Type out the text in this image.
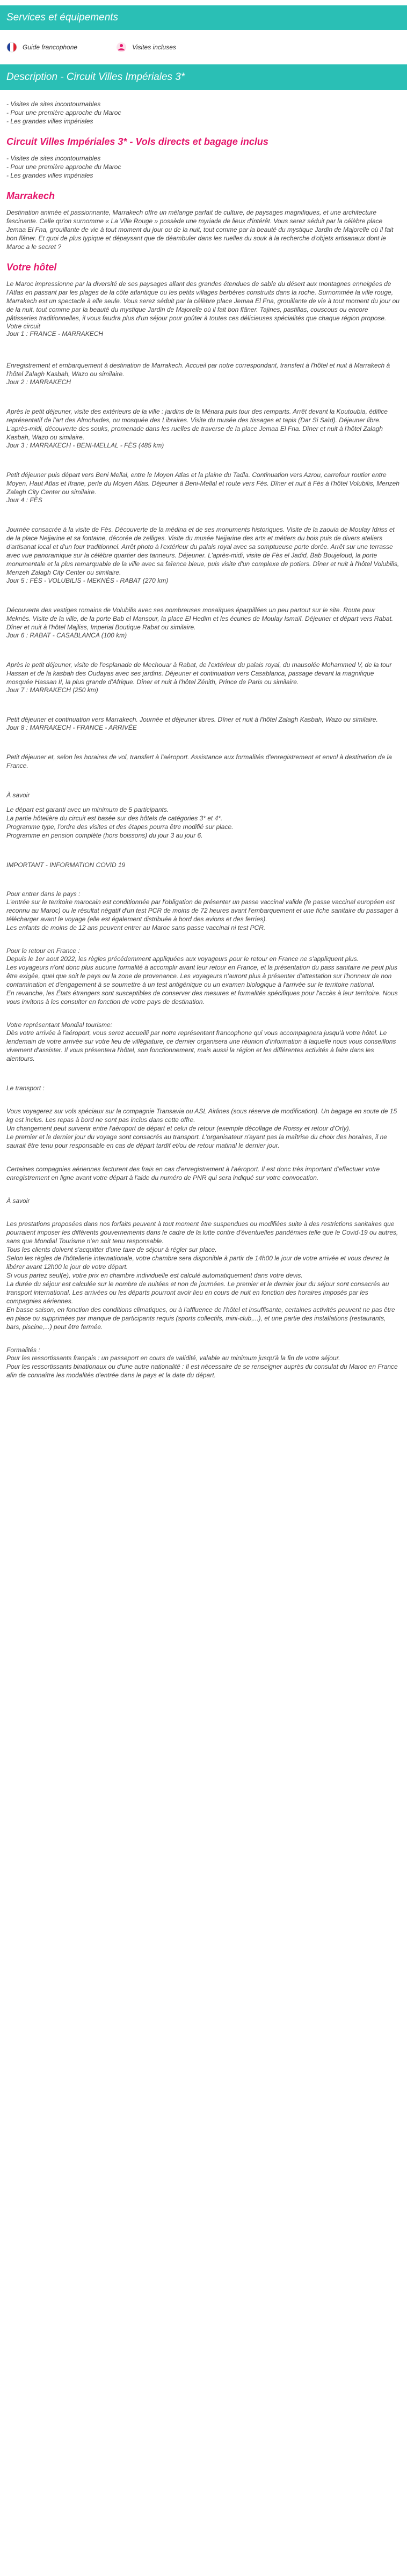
Services et équipements
Guide francophone	Visites incluses
Description - Circuit Villes Impériales 3*
- Visites de sites incontournables
- Pour une première approche du Maroc
- Les grandes villes impériales
Circuit Villes Impériales 3* - Vols directs et bagage inclus
- Visites de sites incontournables
- Pour une première approche du Maroc
- Les grandes villes impériales
Marrakech

Destination animée et passionnante, Marrakech offre un mélange parfait de culture, de paysages magnifiques, et une architecture fascinante. Celle qu'on surnomme « La Ville Rouge » possède une myriade de lieux d'intérêt. Vous serez séduit par la célèbre place Jemaa El Fna, grouillante de vie à tout moment du jour ou de la nuit, tout comme par la beauté du mystique Jardin de Majorelle où il fait bon flâner. Et quoi de plus typique et dépaysant que de déambuler dans les ruelles du souk à la recherche d'objets artisanaux dont le Maroc a le secret ?

Votre hôtel

Le Maroc impressionne par la diversité de ses paysages allant des grandes étendues de sable du désert aux montagnes enneigées de l'Atlas en passant par les plages de la côte atlantique ou les petits villages berbères construits dans la roche. Surnommée la ville rouge, Marrakech est un spectacle à elle seule. Vous serez séduit par la célèbre place Jemaa El Fna, grouillante de vie à tout moment du jour ou de la nuit, tout comme par la beauté du mystique Jardin de Majorelle où il fait bon flâner. Tajines, pastillas, couscous ou encore pâtisseries traditionnelles, il vous faudra plus d'un séjour pour goûter à toutes ces délicieuses spécialités que chaque région propose.

Votre circuit

Jour 1 : FRANCE - MARRAKECH

Enregistrement et embarquement à destination de Marrakech. Accueil par notre correspondant, transfert à l'hôtel et nuit à Marrakech à l'hôtel Zalagh Kasbah, Wazo ou similaire.

Jour 2 : MARRAKECH

Après le petit déjeuner, visite des extérieurs de la ville : jardins de la Ménara puis tour des remparts. Arrêt devant la Koutoubia, édifice représentatif de l'art des Almohades, ou mosquée des Libraires. Visite du musée des tissages et tapis (Dar Si Saïd). Déjeuner libre. L'après-midi, découverte des souks, promenade dans les ruelles de traverse de la place Jemaa El Fna. Dîner et nuit à l'hôtel Zalagh Kasbah, Wazo ou similaire.

Jour 3 : MARRAKECH - BENI-MELLAL - FÈS (485 km)

Petit déjeuner puis départ vers Beni Mellal, entre le Moyen Atlas et la plaine du Tadla. Continuation vers Azrou, carrefour routier entre Moyen, Haut Atlas et Ifrane, perle du Moyen Atlas. Déjeuner à Beni-Mellal et route vers Fès. Dîner et nuit à Fès à l'hôtel Volubilis, Menzeh Zalagh City Center ou similaire.

Jour 4 : FÈS

Journée consacrée à la visite de Fès. Découverte de la médina et de ses monuments historiques. Visite de la zaouia de Moulay Idriss et de la place Nejjarine et sa fontaine, décorée de zelliges. Visite du musée Nejjarine des arts et métiers du bois puis de divers ateliers d'artisanat local et d'un four traditionnel. Arrêt photo à l'extérieur du palais royal avec sa somptueuse porte dorée. Arrêt sur une terrasse avec vue panoramique sur la célèbre quartier des tanneurs. Déjeuner. L'après-midi, visite de Fès el Jadid, Bab Boujeloud, la porte monumentale et la plus remarquable de la ville avec sa faïence bleue, puis visite d'un complexe de potiers. Dîner et nuit à l'hôtel Volubilis, Menzeh Zalagh City Center ou similaire.

Jour 5 : FÈS - VOLUBILIS - MEKNÈS - RABAT (270 km)

Découverte des vestiges romains de Volubilis avec ses nombreuses mosaïques éparpillées un peu partout sur le site. Route pour Meknès. Visite de la ville, de la porte Bab el Mansour, la place El Hedim et les écuries de Moulay Ismaïl. Déjeuner et départ vers Rabat. Dîner et nuit à l'hôtel Majliss, Imperial Boutique Rabat ou similaire.

Jour 6 : RABAT - CASABLANCA (100 km)

Après le petit déjeuner, visite de l'esplanade de Mechouar à Rabat, de l'extérieur du palais royal, du mausolée Mohammed V, de la tour Hassan et de la kasbah des Oudayas avec ses jardins. Déjeuner et continuation vers Casablanca, passage devant la magnifique mosquée Hassan II, la plus grande d'Afrique. Dîner et nuit à l'hôtel Zénith, Prince de Paris ou similaire.

Jour 7 : MARRAKECH (250 km)

Petit déjeuner et continuation vers Marrakech. Journée et déjeuner libres. Dîner et nuit à l'hôtel Zalagh Kasbah, Wazo ou similaire.

Jour 8 : MARRAKECH - FRANCE - ARRIVÉE

Petit déjeuner et, selon les horaires de vol, transfert à l'aéroport. Assistance aux formalités d'enregistrement et envol à destination de la France.

À savoir

Le départ est garanti avec un minimum de 5 participants.
La partie hôtelière du circuit est basée sur des hôtels de catégories 3* et 4*.
Programme type, l'ordre des visites et des étapes pourra être modifié sur place.
Programme en pension complète (hors boissons) du jour 3 au jour 6.

IMPORTANT - INFORMATION COVID 19

Pour entrer dans le pays :

L'entrée sur le territoire marocain est conditionnée par l'obligation de présenter un passe vaccinal valide (le passe vaccinal européen est reconnu au Maroc) ou le résultat négatif d'un test PCR de moins de 72 heures avant l'embarquement et une fiche sanitaire du passager à télécharger avant le voyage (elle est également distribuée à bord des avions et des ferries).

Les enfants de moins de 12 ans peuvent entrer au Maroc sans passe vaccinal ni test PCR.

Pour le retour en France :

Depuis le 1er aout 2022, les règles précédemment appliquées aux voyageurs pour le retour en France ne s'appliquent plus.

Les voyageurs n'ont donc plus aucune formalité à accomplir avant leur retour en France, et la présentation du pass sanitaire ne peut plus être exigée, quel que soit le pays ou la zone de provenance. Les voyageurs n'auront plus à présenter d'attestation sur l'honneur de non contamination et d'engagement à se soumettre à un test antigénique ou un examen biologique à l'arrivée sur le territoire national.

En revanche, les États étrangers sont susceptibles de conserver des mesures et formalités spécifiques pour l'accès à leur territoire. Nous vous invitons à les consulter en fonction de votre pays de destination.

Votre représentant Mondial tourisme:

Dès votre arrivée à l'aéroport, vous serez accueilli par notre représentant francophone qui vous accompagnera jusqu'à votre hôtel. Le lendemain de votre arrivée sur votre lieu de villégiature, ce dernier organisera une réunion d'information à laquelle nous vous conseillons vivement d'assister. Il vous présentera l'hôtel, son fonctionnement, mais aussi la région et les différentes activités à faire dans les alentours.

Le transport :

Vous voyagerez sur vols spéciaux sur la compagnie Transavia ou ASL Airlines (sous réserve de modification). Un bagage en soute de 15 kg est inclus. Les repas à bord ne sont pas inclus dans cette offre.

Un changement peut survenir entre l'aéroport de départ et celui de retour (exemple décollage de Roissy et retour d'Orly).

Le premier et le dernier jour du voyage sont consacrés au transport. L'organisateur n'ayant pas la maîtrise du choix des horaires, il ne saurait être tenu pour responsable en cas de départ tardif et/ou de retour matinal le dernier jour.

Certaines compagnies aériennes facturent des frais en cas d'enregistrement à l'aéroport. Il est donc très important d'effectuer votre enregistrement en ligne avant votre départ à l'aide du numéro de PNR qui sera indiqué sur votre convocation.

À savoir

Les prestations proposées dans nos forfaits peuvent à tout moment être suspendues ou modifiées suite à des restrictions sanitaires que pourraient imposer les différents gouvernements dans le cadre de la lutte contre d'éventuelles pandémies telle que le Covid-19 ou autres, sans que Mondial Tourisme n'en soit tenu responsable.

Tous les clients doivent s'acquitter d'une taxe de séjour à régler sur place.

Selon les règles de l'hôtellerie internationale, votre chambre sera disponible à partir de 14h00 le jour de votre arrivée et vous devrez la libérer avant 12h00 le jour de votre départ.

Si vous partez seul(e), votre prix en chambre individuelle est calculé automatiquement dans votre devis.

La durée du séjour est calculée sur le nombre de nuitées et non de journées. Le premier et le dernier jour du séjour sont consacrés au transport international. Les arrivées ou les départs pourront avoir lieu en cours de nuit en fonction des horaires imposés par les compagnies aériennes.

En basse saison, en fonction des conditions climatiques, ou à l'affluence de l'hôtel et insuffisante, certaines activités peuvent ne pas être en place ou supprimées par manque de participants requis (sports collectifs, mini-club,...), et une partie des installations (restaurants, bars, piscine,...) peut être fermée.

Formalités :

Pour les ressortissants français : un passeport en cours de validité, valable au minimum jusqu'à la fin de votre séjour.

Pour les ressortissants binationaux ou d'une autre nationalité : Il est nécessaire de se renseigner auprès du consulat du Maroc en France afin de connaître les modalités d'entrée dans le pays et la date du départ.
